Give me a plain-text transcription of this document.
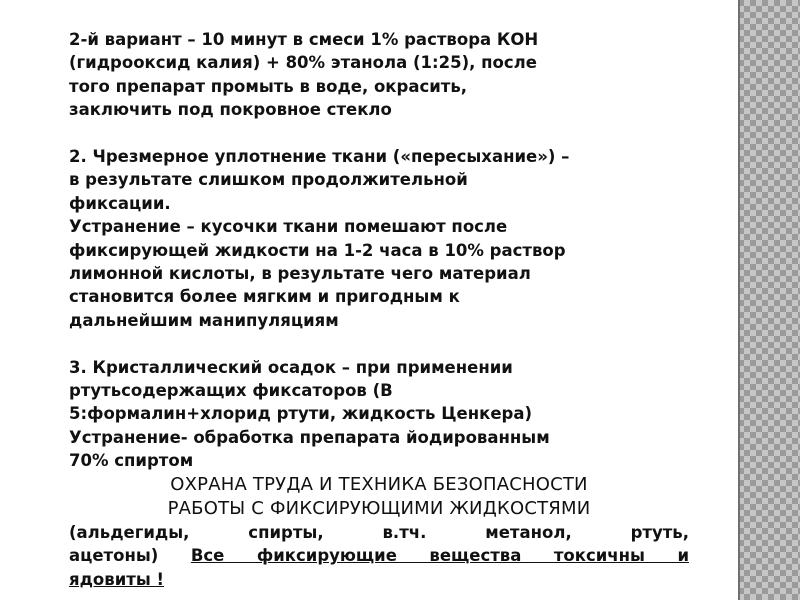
2-й вариант – 10 минут в смеси 1% раствора КОН
(гидрооксид калия) + 80% этанола (1:25), после
того препарат промыть в воде, окрасить,
заключить под покровное стекло

2. Чрезмерное уплотнение ткани («пересыхание») –
в результате слишком продолжительной
фиксации.
Устранение – кусочки ткани помешают после
фиксирующей жидкости на 1-2 часа в 10% раствор
лимонной кислоты, в результате чего материал
становится более мягким и пригодным к
дальнейшим манипуляциям

3. Кристаллический осадок – при применении
ртутьсодержащих фиксаторов (В
5:формалин+хлорид ртути, жидкость Ценкера)
Устранение- обработка препарата йодированным
70% спиртом

ОХРАНА ТРУДА И ТЕХНИКА БЕЗОПАСНОСТИ
РАБОТЫ С ФИКСИРУЮЩИМИ ЖИДКОСТЯМИ

(альдегиды, спирты, в.тч. метанол, ртуть,
ацетоны) Все фиксирующие вещества токсичны и
ядовиты !
